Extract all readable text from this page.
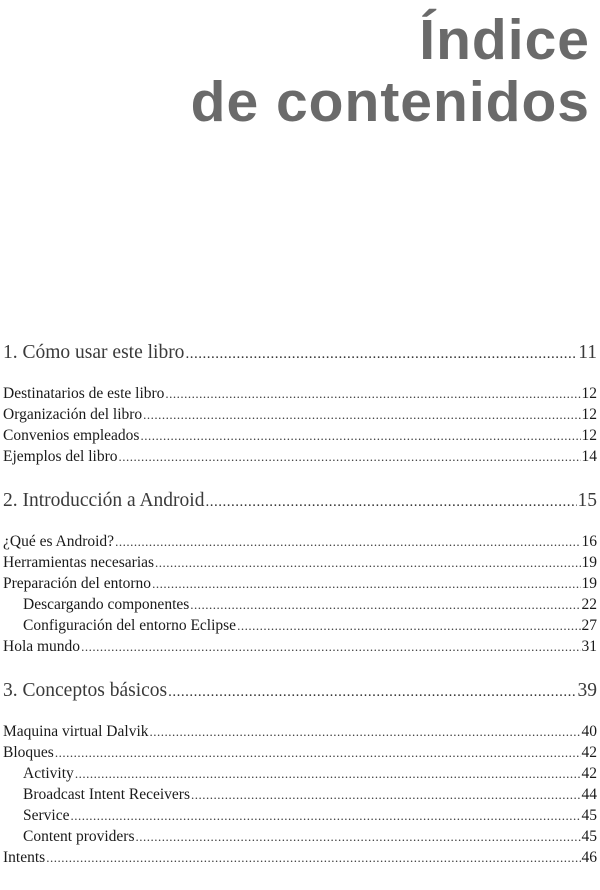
Índice
de contenidos
1. Cómo usar este libro .....	11
Destinatarios de este libro .....	12
Organización del libro .....	12
Convenios empleados .....	12
Ejemplos del libro .....	14
2. Introducción a Android .....	15
¿Qué es Android? .....	16
Herramientas necesarias .....	19
Preparación del entorno .....	19
Descargando componentes .....	22
Configuración del entorno Eclipse .....	27
Hola mundo .....	31
3. Conceptos básicos .....	39
Maquina virtual Dalvik .....	40
Bloques .....	42
Activity .....	42
Broadcast Intent Receivers .....	44
Service .....	45
Content providers .....	45
Intents .....	46
